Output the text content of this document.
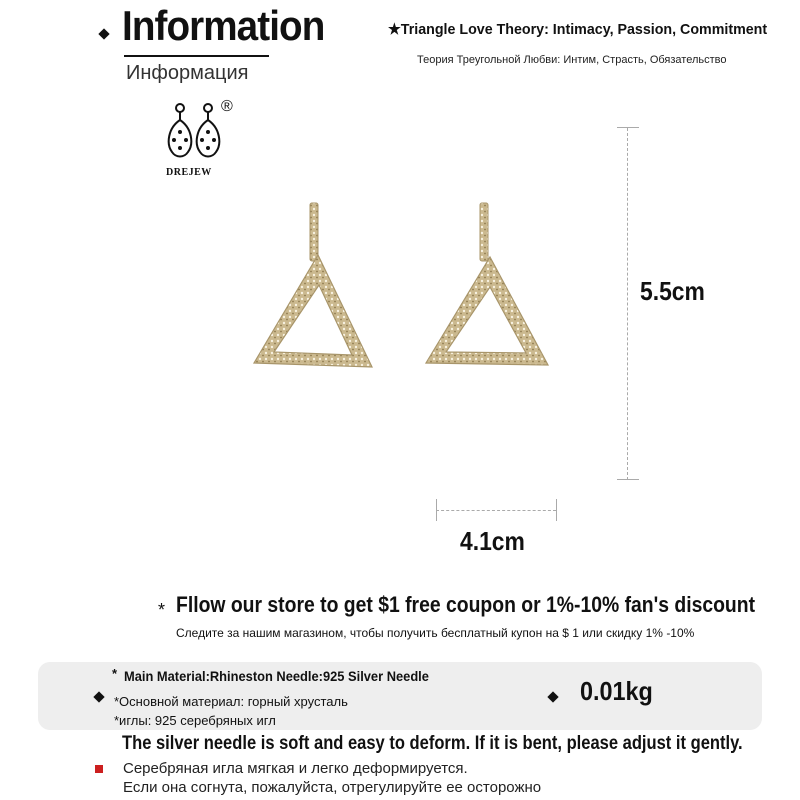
Information
Информация
★Triangle Love Theory: Intimacy, Passion, Commitment
Теория Треугольной Любви: Интим, Страсть, Обязательство
®
DREJEW
5.5cm
4.1cm
* Fllow our store to get $1 free coupon or 1%-10% fan's discount
Следите за нашим магазином, чтобы получить бесплатный купон на $ 1 или скидку 1% -10%
* Main Material:Rhineston Needle:925 Silver Needle
*Основной материал: горный хрусталь
*иглы: 925 серебряных игл
0.01kg
The silver needle is soft and easy to deform. If it is bent, please adjust it gently.
Серебряная игла мягкая и легко деформируется.
Если она согнута, пожалуйста, отрегулируйте ее осторожно
